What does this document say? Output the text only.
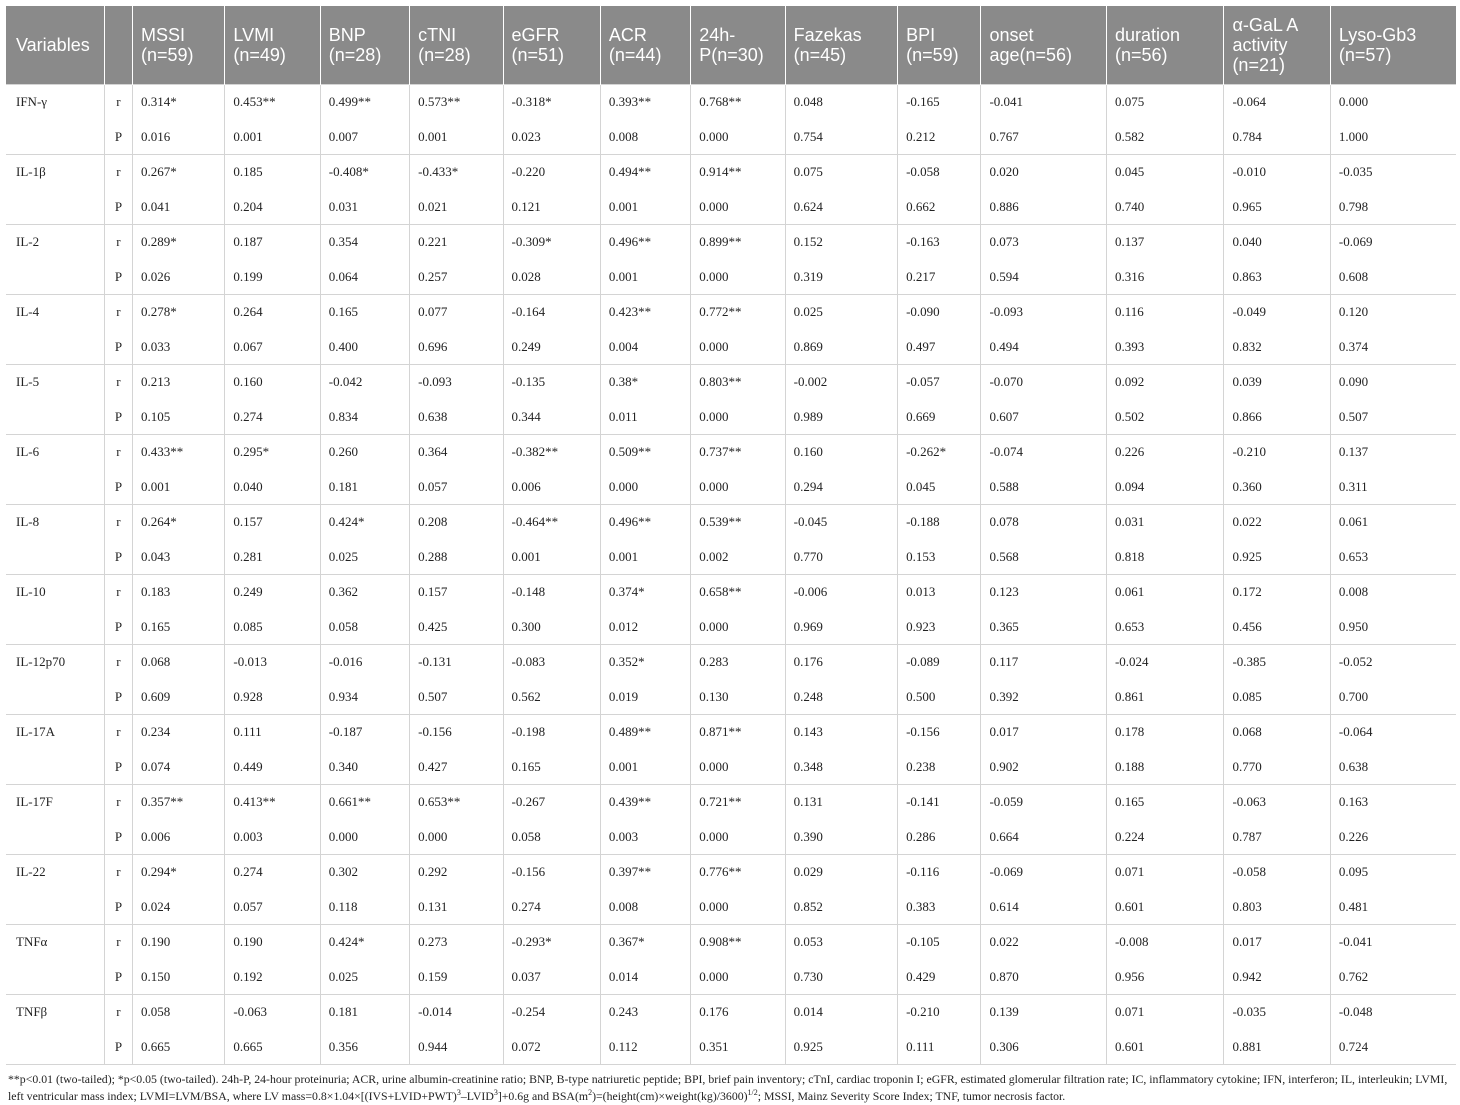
Variables		MSSI (n=59)	LVMI (n=49)	BNP (n=28)	cTNI (n=28)	eGFR (n=51)	ACR (n=44)	24h-P(n=30)	Fazekas (n=45)	BPI (n=59)	onset age(n=56)	duration (n=56)	α-GaL A activity (n=21)	Lyso-Gb3 (n=57)
IFN-γ	r	0.314*	0.453**	0.499**	0.573**	-0.318*	0.393**	0.768**	0.048	-0.165	-0.041	0.075	-0.064	0.000
	P	0.016	0.001	0.007	0.001	0.023	0.008	0.000	0.754	0.212	0.767	0.582	0.784	1.000
IL-1β	r	0.267*	0.185	-0.408*	-0.433*	-0.220	0.494**	0.914**	0.075	-0.058	0.020	0.045	-0.010	-0.035
	P	0.041	0.204	0.031	0.021	0.121	0.001	0.000	0.624	0.662	0.886	0.740	0.965	0.798
IL-2	r	0.289*	0.187	0.354	0.221	-0.309*	0.496**	0.899**	0.152	-0.163	0.073	0.137	0.040	-0.069
	P	0.026	0.199	0.064	0.257	0.028	0.001	0.000	0.319	0.217	0.594	0.316	0.863	0.608
IL-4	r	0.278*	0.264	0.165	0.077	-0.164	0.423**	0.772**	0.025	-0.090	-0.093	0.116	-0.049	0.120
	P	0.033	0.067	0.400	0.696	0.249	0.004	0.000	0.869	0.497	0.494	0.393	0.832	0.374
IL-5	r	0.213	0.160	-0.042	-0.093	-0.135	0.38*	0.803**	-0.002	-0.057	-0.070	0.092	0.039	0.090
	P	0.105	0.274	0.834	0.638	0.344	0.011	0.000	0.989	0.669	0.607	0.502	0.866	0.507
IL-6	r	0.433**	0.295*	0.260	0.364	-0.382**	0.509**	0.737**	0.160	-0.262*	-0.074	0.226	-0.210	0.137
	P	0.001	0.040	0.181	0.057	0.006	0.000	0.000	0.294	0.045	0.588	0.094	0.360	0.311
IL-8	r	0.264*	0.157	0.424*	0.208	-0.464**	0.496**	0.539**	-0.045	-0.188	0.078	0.031	0.022	0.061
	P	0.043	0.281	0.025	0.288	0.001	0.001	0.002	0.770	0.153	0.568	0.818	0.925	0.653
IL-10	r	0.183	0.249	0.362	0.157	-0.148	0.374*	0.658**	-0.006	0.013	0.123	0.061	0.172	0.008
	P	0.165	0.085	0.058	0.425	0.300	0.012	0.000	0.969	0.923	0.365	0.653	0.456	0.950
IL-12p70	r	0.068	-0.013	-0.016	-0.131	-0.083	0.352*	0.283	0.176	-0.089	0.117	-0.024	-0.385	-0.052
	P	0.609	0.928	0.934	0.507	0.562	0.019	0.130	0.248	0.500	0.392	0.861	0.085	0.700
IL-17A	r	0.234	0.111	-0.187	-0.156	-0.198	0.489**	0.871**	0.143	-0.156	0.017	0.178	0.068	-0.064
	P	0.074	0.449	0.340	0.427	0.165	0.001	0.000	0.348	0.238	0.902	0.188	0.770	0.638
IL-17F	r	0.357**	0.413**	0.661**	0.653**	-0.267	0.439**	0.721**	0.131	-0.141	-0.059	0.165	-0.063	0.163
	P	0.006	0.003	0.000	0.000	0.058	0.003	0.000	0.390	0.286	0.664	0.224	0.787	0.226
IL-22	r	0.294*	0.274	0.302	0.292	-0.156	0.397**	0.776**	0.029	-0.116	-0.069	0.071	-0.058	0.095
	P	0.024	0.057	0.118	0.131	0.274	0.008	0.000	0.852	0.383	0.614	0.601	0.803	0.481
TNFα	r	0.190	0.190	0.424*	0.273	-0.293*	0.367*	0.908**	0.053	-0.105	0.022	-0.008	0.017	-0.041
	P	0.150	0.192	0.025	0.159	0.037	0.014	0.000	0.730	0.429	0.870	0.956	0.942	0.762
TNFβ	r	0.058	-0.063	0.181	-0.014	-0.254	0.243	0.176	0.014	-0.210	0.139	0.071	-0.035	-0.048
	P	0.665	0.665	0.356	0.944	0.072	0.112	0.351	0.925	0.111	0.306	0.601	0.881	0.724
**p<0.01 (two-tailed); *p<0.05 (two-tailed). 24h-P, 24-hour proteinuria; ACR, urine albumin-creatinine ratio; BNP, B-type natriuretic peptide; BPI, brief pain inventory; cTnI, cardiac troponin I; eGFR, estimated glomerular filtration rate; IC, inflammatory cytokine; IFN, interferon; IL, interleukin; LVMI, left ventricular mass index; LVMI=LVM/BSA, where LV $mass=0.8\times 1.04\times[(IVS+LVID+PWT)^3-LVID^3]+0.6g$ and $BSA(m^2)=(height(cm)\times weight(kg)/3600)^{1/2}$; MSSI, Mainz Severity Score Index; TNF, tumor necrosis factor.
